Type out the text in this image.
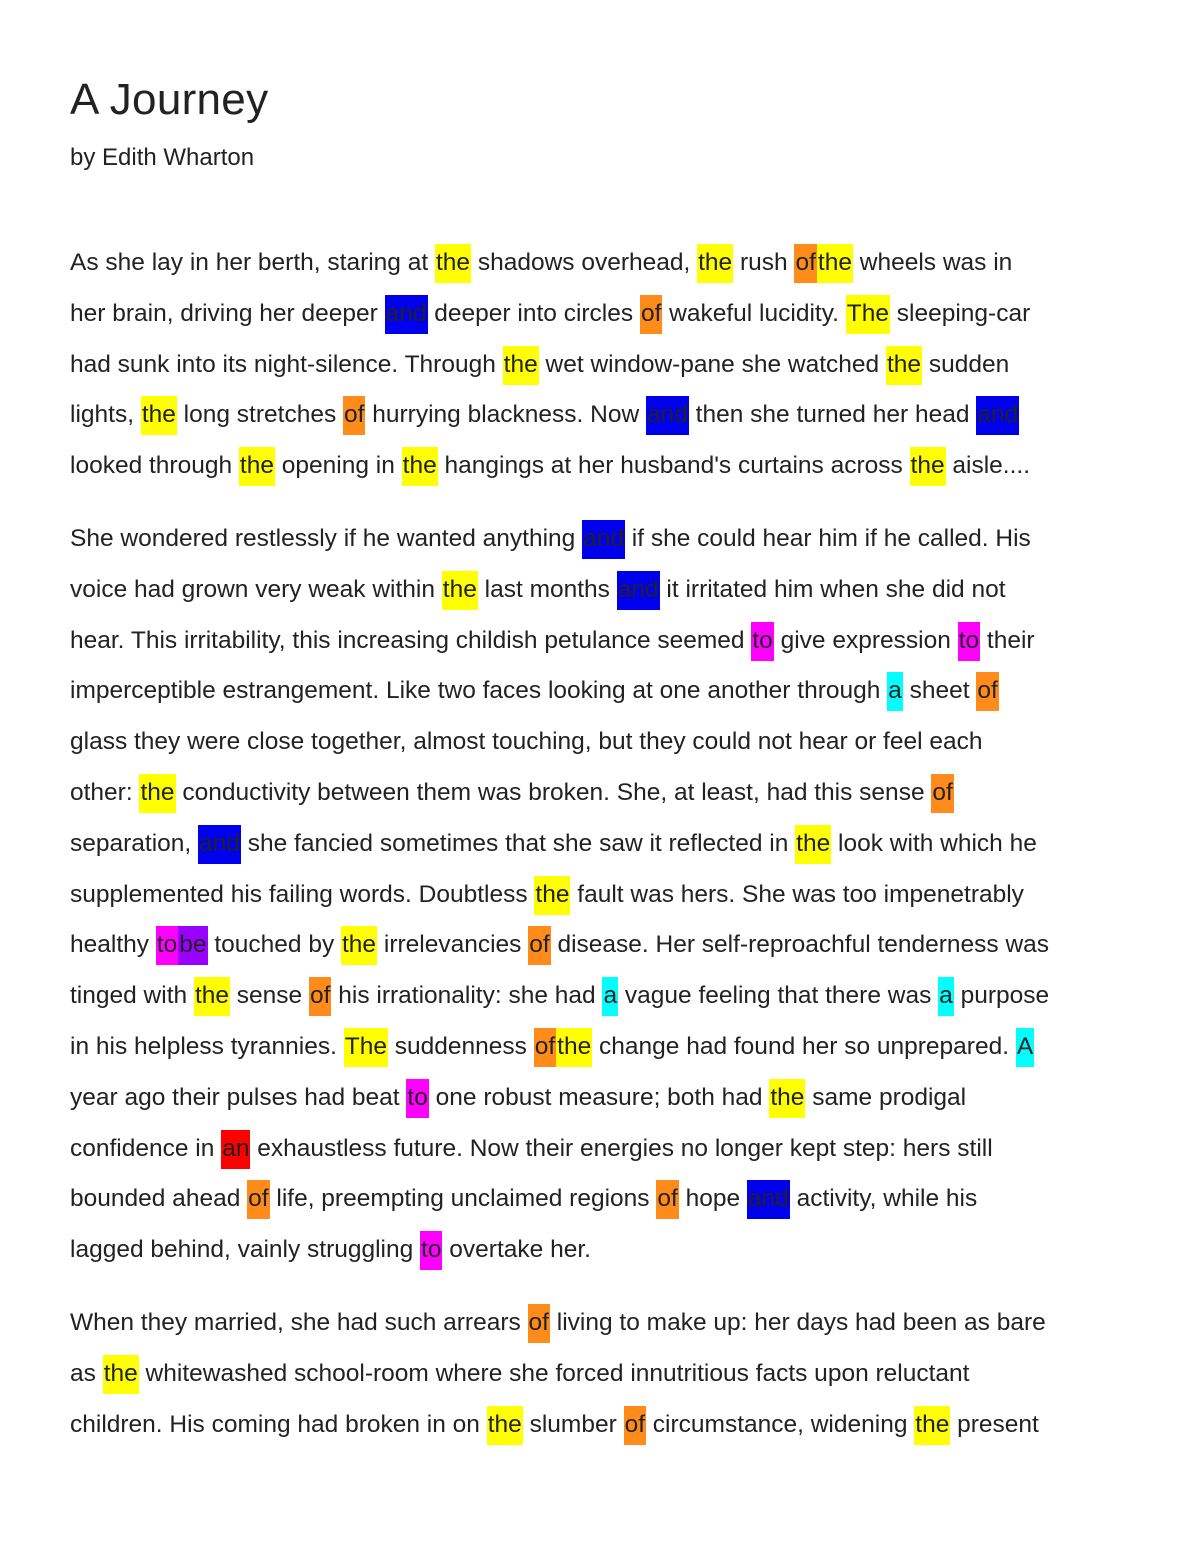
A Journey
by Edith Wharton

As she lay in her berth, staring at the shadows overhead, the rush ofthe wheels was in
her brain, driving her deeper and deeper into circles of wakeful lucidity. The sleeping-car
had sunk into its night-silence. Through the wet window-pane she watched the sudden
lights, the long stretches of hurrying blackness. Now and then she turned her head and
looked through the opening in the hangings at her husband's curtains across the aisle....

She wondered restlessly if he wanted anything and if she could hear him if he called. His
voice had grown very weak within the last months and it irritated him when she did not
hear. This irritability, this increasing childish petulance seemed to give expression to their
imperceptible estrangement. Like two faces looking at one another through a sheet of
glass they were close together, almost touching, but they could not hear or feel each
other: the conductivity between them was broken. She, at least, had this sense of
separation, and she fancied sometimes that she saw it reflected in the look with which he
supplemented his failing words. Doubtless the fault was hers. She was too impenetrably
healthy tobe touched by the irrelevancies of disease. Her self-reproachful tenderness was
tinged with the sense of his irrationality: she had a vague feeling that there was a purpose
in his helpless tyrannies. The suddenness ofthe change had found her so unprepared. A
year ago their pulses had beat to one robust measure; both had the same prodigal
confidence in an exhaustless future. Now their energies no longer kept step: hers still
bounded ahead of life, preempting unclaimed regions of hope and activity, while his
lagged behind, vainly struggling to overtake her.

When they married, she had such arrears of living to make up: her days had been as bare
as the whitewashed school-room where she forced innutritious facts upon reluctant
children. His coming had broken in on the slumber of circumstance, widening the present
